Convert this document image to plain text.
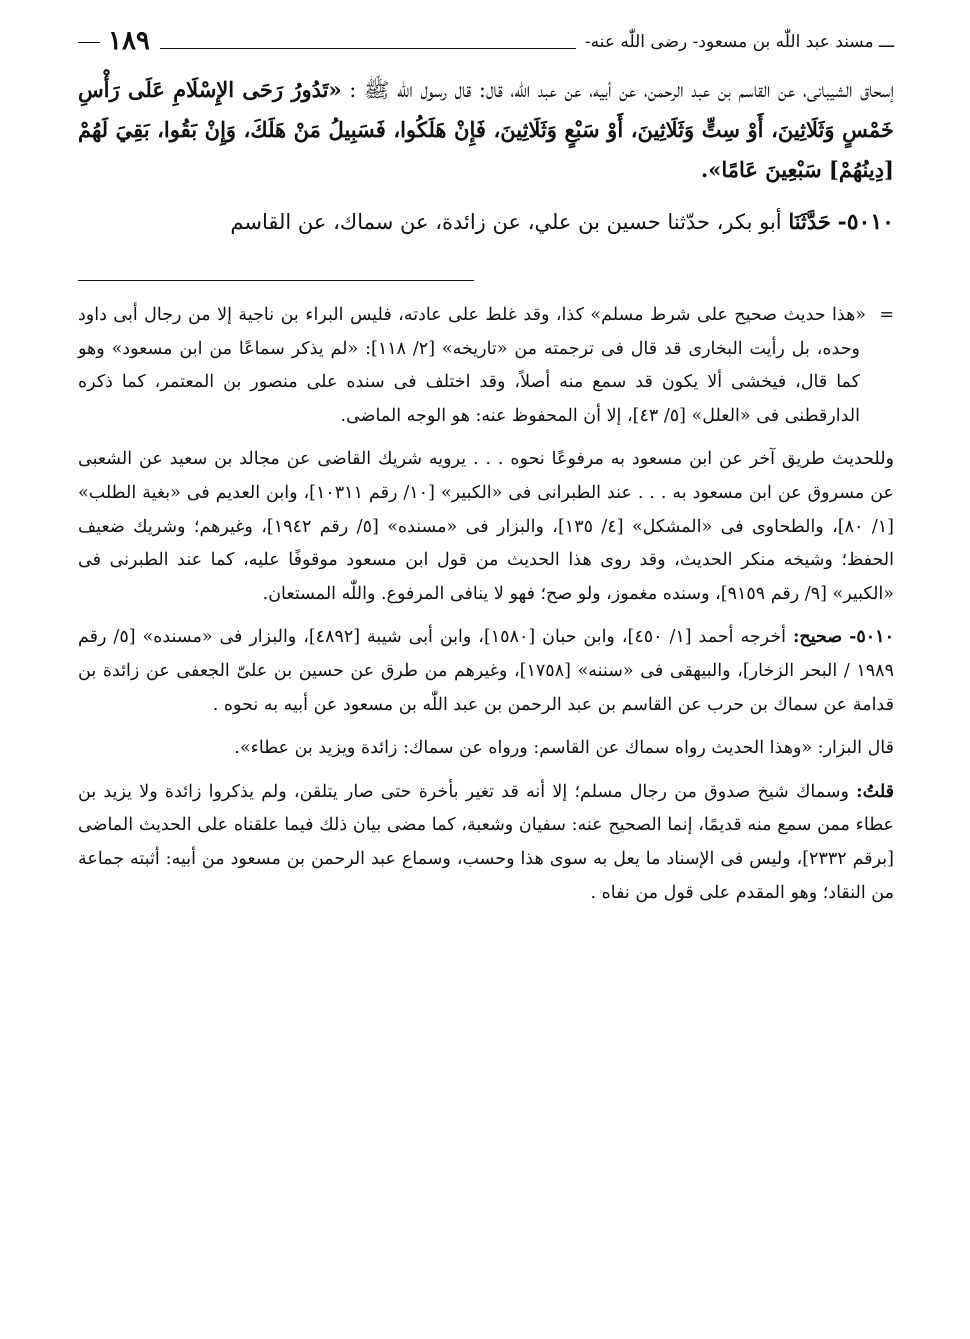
ـــ مسند عبد اللّٰه بن مسعود- رضى اللّٰه عنه-
١٨٩

إسحاق الشيبانى، عن القاسم بن عبد الرحمن، عن أبيه، عن عبد اللّٰه، قال: قال رسول اللّٰه ﷺ : «تَدُورُ رَحَى الإِسْلَامِ عَلَى رَأْسِ خَمْسٍ وَثَلَاثِينَ، أَوْ سِتٍّ وَثَلَاثِينَ، أَوْ سَبْعٍ وَثَلَاثِينَ، فَإِنْ هَلَكُوا، فَسَبِيلُ مَنْ هَلَكَ، وَإِنْ بَقُوا، بَقِيَ لَهُمْ [دِينُهُمْ] سَبْعِينَ عَامًا».

٥٠١٠- حَدَّثَنَا أبو بكر، حدّثنا حسين بن علي، عن زائدة، عن سماك، عن القاسم

=«هذا حديث صحيح على شرط مسلم» كذا، وقد غلط على عادته، فليس البراء بن ناجية إلا من رجال أبى داود وحده، بل رأيت البخارى قد قال فى ترجمته من «تاريخه» [٢/ ١١٨]: «لم يذكر سماعًا من ابن مسعود» وهو كما قال، فيخشى ألا يكون قد سمع منه أصلاً، وقد اختلف فى سنده على منصور بن المعتمر، كما ذكره الدارقطنى فى «العلل» [٥/ ٤٣]، إلا أن المحفوظ عنه: هو الوجه الماضى.

وللحديث طريق آخر عن ابن مسعود به مرفوعًا نحوه . . . يرويه شريك القاضى عن مجالد بن سعيد عن الشعبى عن مسروق عن ابن مسعود به . . . عند الطبرانى فى «الكبير» [١٠/ رقم ١٠٣١١]، وابن العديم فى «بغية الطلب» [١/ ٨٠]، والطحاوى فى «المشكل» [٤/ ١٣٥]، والبزار فى «مسنده» [٥/ رقم ١٩٤٢]، وغيرهم؛ وشريك ضعيف الحفظ؛ وشيخه منكر الحديث، وقد روى هذا الحديث من قول ابن مسعود موقوفًا عليه، كما عند الطبرنى فى «الكبير» [٩/ رقم ٩١٥٩]، وسنده مغموز، ولو صح؛ فهو لا ينافى المرفوع. واللّٰه المستعان.

٥٠١٠- صحيح: أخرجه أحمد [١/ ٤٥٠]، وابن حبان [١٥٨٠]، وابن أبى شيبة [٤٨٩٢]، والبزار فى «مسنده» [٥/ رقم ١٩٨٩ / البحر الزخار]، والبيهقى فى «سننه» [١٧٥٨]، وغيرهم من طرق عن حسين بن علىّ الجعفى عن زائدة بن قدامة عن سماك بن حرب عن القاسم بن عبد الرحمن بن عبد اللّٰه بن مسعود عن أبيه به نحوه .

قال البزار: «وهذا الحديث رواه سماك عن القاسم: ورواه عن سماك: زائدة ويزيد بن عطاء».

قلتُ: وسماك شيخ صدوق من رجال مسلم؛ إلا أنه قد تغير بأخرة حتى صار يتلقن، ولم يذكروا زائدة ولا يزيد بن عطاء ممن سمع منه قديمًا، إنما الصحيح عنه: سفيان وشعبة، كما مضى بيان ذلك فيما علقناه على الحديث الماضى [برقم ٢٣٣٢]، وليس فى الإسناد ما يعل به سوى هذا وحسب، وسماع عبد الرحمن بن مسعود من أبيه: أثبته جماعة من النقاد؛ وهو المقدم على قول من نفاه .
